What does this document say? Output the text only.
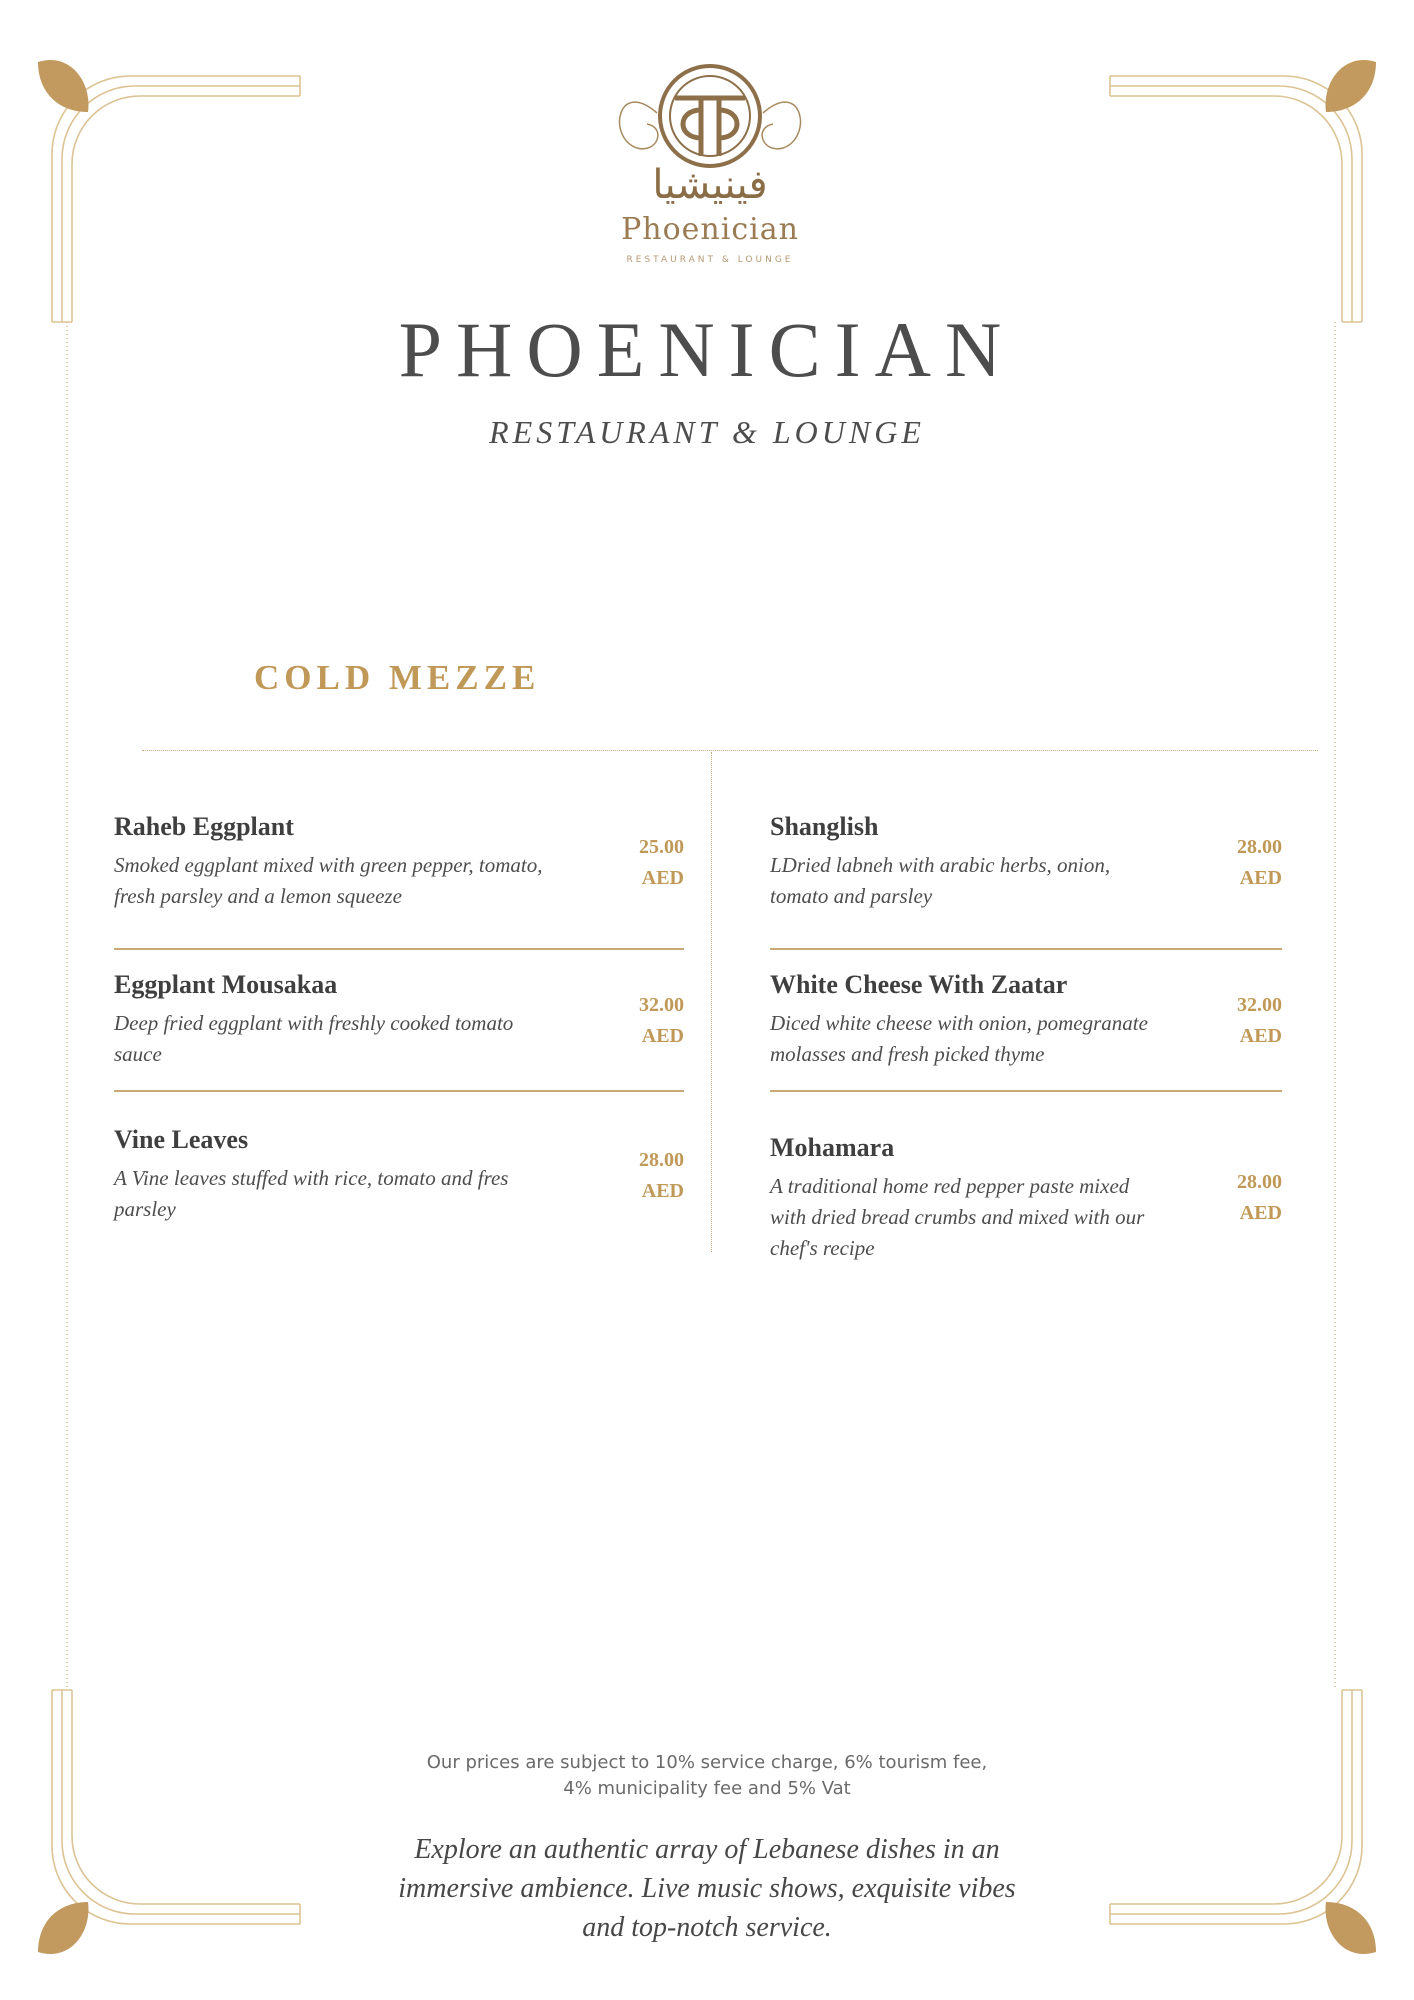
فينيشيا
Phoenician
RESTAURANT & LOUNGE
PHOENICIAN
RESTAURANT & LOUNGE
COLD MEZZE
Raheb Eggplant
Smoked eggplant mixed with green pepper, tomato,
fresh parsley and a lemon squeeze
25.00
AED
Eggplant Mousakaa
Deep fried eggplant with freshly cooked tomato
sauce
32.00
AED
Vine Leaves
A Vine leaves stuffed with rice, tomato and fres
parsley
28.00
AED
Shanglish
LDried labneh with arabic herbs, onion,
tomato and parsley
28.00
AED
White Cheese With Zaatar
Diced white cheese with onion, pomegranate
molasses and fresh picked thyme
32.00
AED
Mohamara
A traditional home red pepper paste mixed
with dried bread crumbs and mixed with our
chef's recipe
28.00
AED
Our prices are subject to 10% service charge, 6% tourism fee,
4% municipality fee and 5% Vat
Explore an authentic array of Lebanese dishes in an
immersive ambience. Live music shows, exquisite vibes
and top-notch service.
